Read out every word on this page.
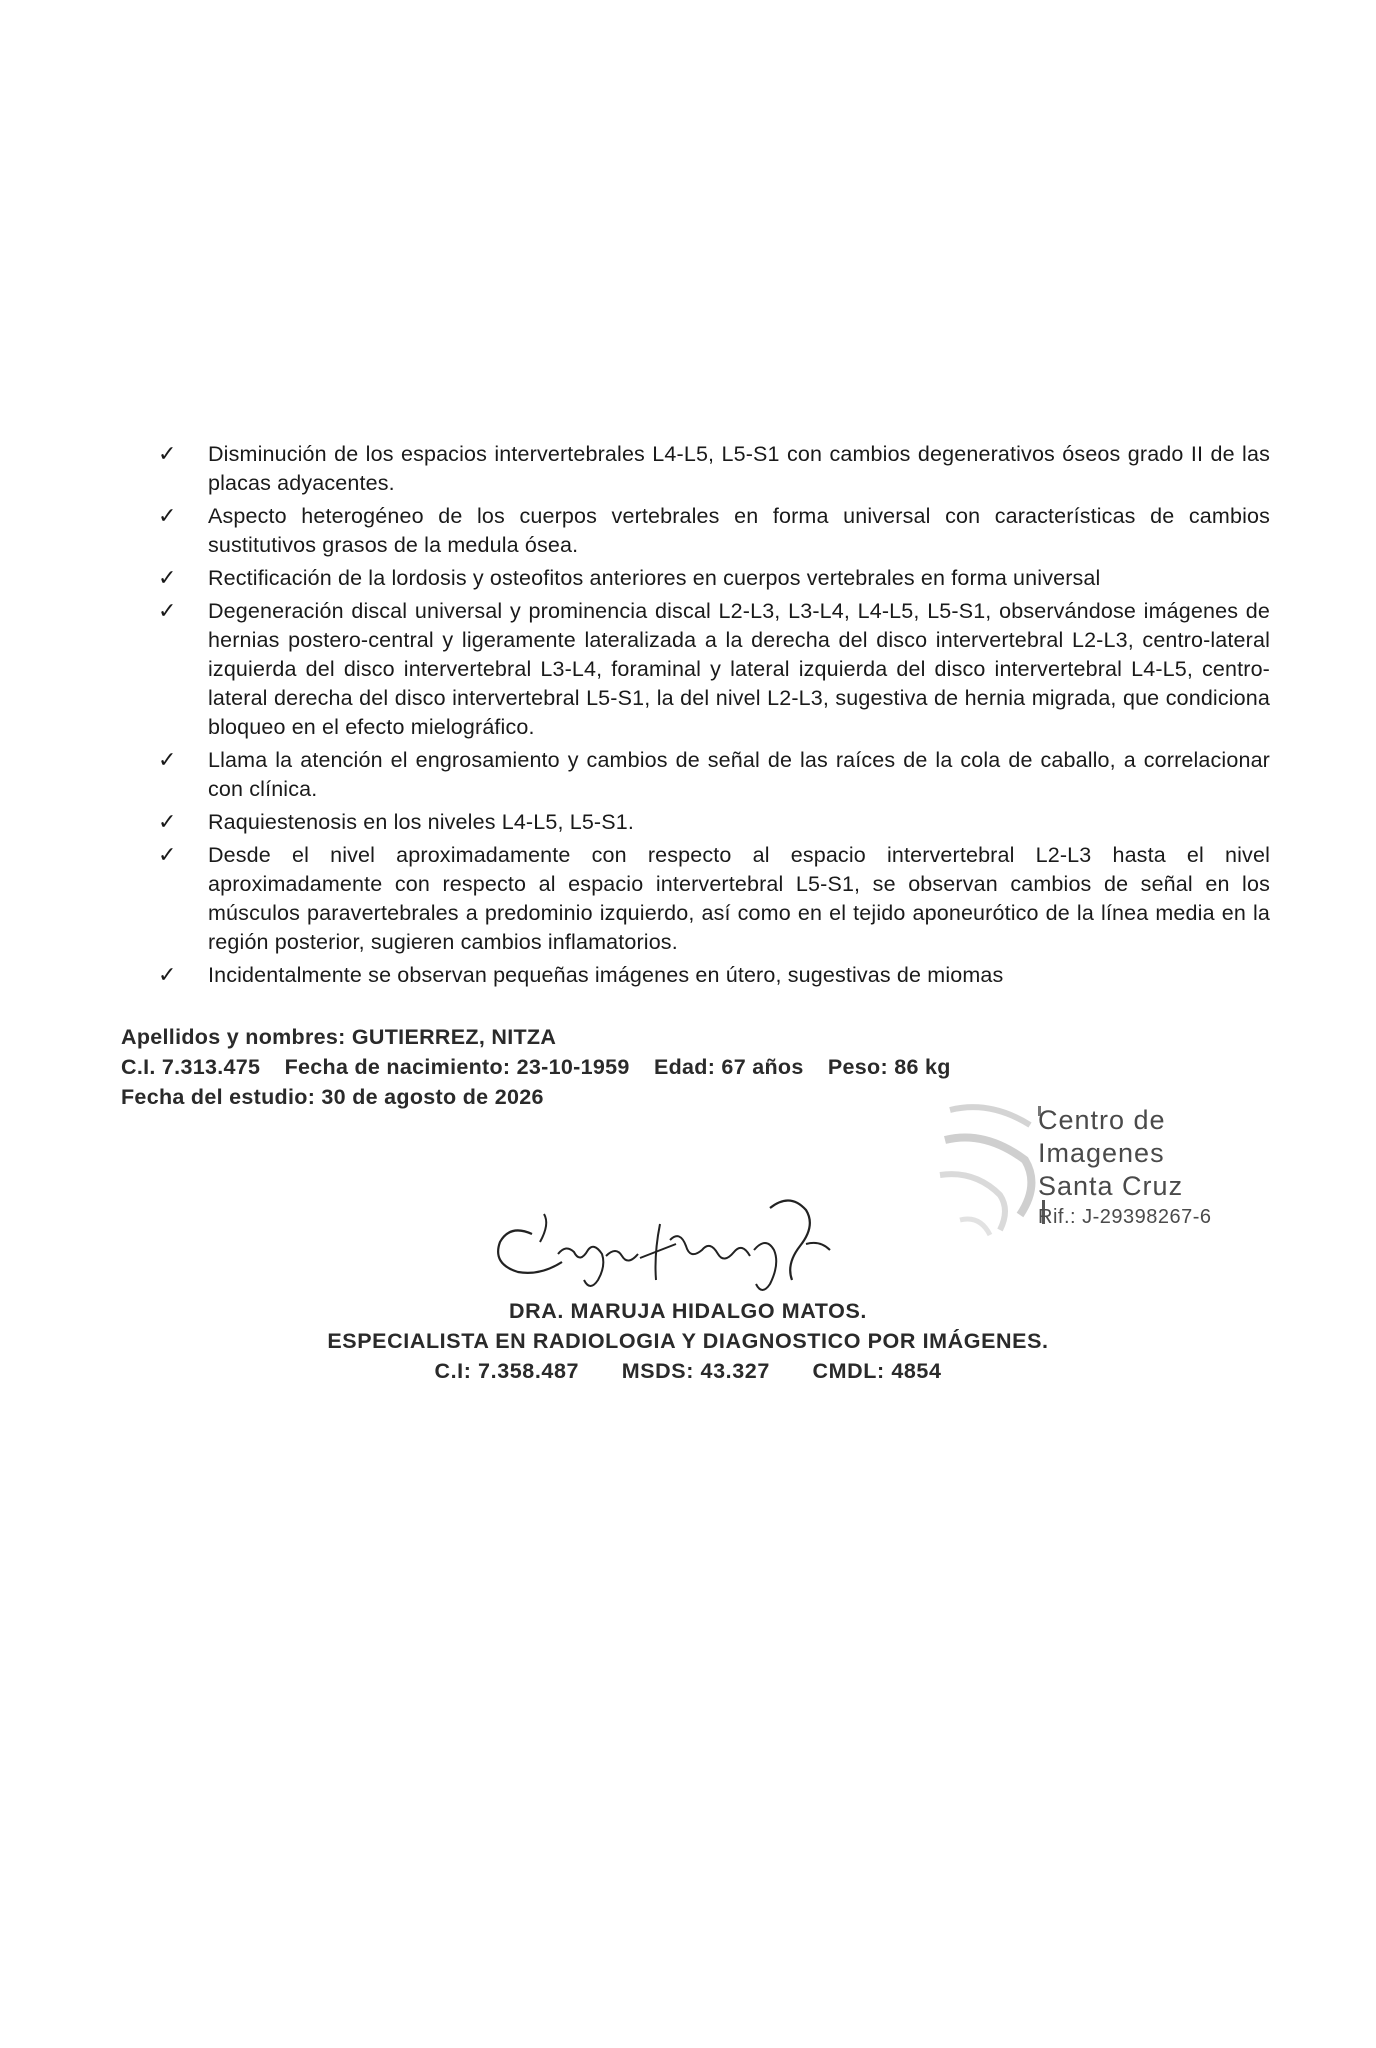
✓	Disminución de los espacios intervertebrales L4-L5, L5-S1 con cambios degenerativos óseos grado II de las placas adyacentes.
✓	Aspecto heterogéneo de los cuerpos vertebrales en forma universal con características de cambios sustitutivos grasos de la medula ósea.
✓	Rectificación de la lordosis y osteofitos anteriores en cuerpos vertebrales en forma universal
✓	Degeneración discal universal y prominencia discal L2-L3, L3-L4, L4-L5, L5-S1, observándose imágenes de hernias postero-central y ligeramente lateralizada a la derecha del disco intervertebral L2-L3, centro-lateral izquierda del disco intervertebral L3-L4, foraminal y lateral izquierda del disco intervertebral L4-L5, centro-lateral derecha del disco intervertebral L5-S1, la del nivel L2-L3, sugestiva de hernia migrada, que condiciona bloqueo en el efecto mielográfico.
✓	Llama la atención el engrosamiento y cambios de señal de las raíces de la cola de caballo, a correlacionar con clínica.
✓	Raquiestenosis en los niveles L4-L5, L5-S1.
✓	Desde el nivel aproximadamente con respecto al espacio intervertebral L2-L3 hasta el nivel aproximadamente con respecto al espacio intervertebral L5-S1, se observan cambios de señal en los músculos paravertebrales a predominio izquierdo, así como en el tejido aponeurótico de la línea media en la región posterior, sugieren cambios inflamatorios.
✓	Incidentalmente se observan pequeñas imágenes en útero, sugestivas de miomas
Apellidos y nombres: GUTIERREZ, NITZA
C.I. 7.313.475 Fecha de nacimiento: 23-10-1959 Edad: 67 años Peso: 86 kg
Fecha del estudio: 30 de agosto de 2026
Centro de
Imagenes
Santa Cruz
Rif.: J-29398267-6
DRA. MARUJA HIDALGO MATOS.
ESPECIALISTA EN RADIOLOGIA Y DIAGNOSTICO POR IMÁGENES.
C.I: 7.358.487 MSDS: 43.327 CMDL: 4854
